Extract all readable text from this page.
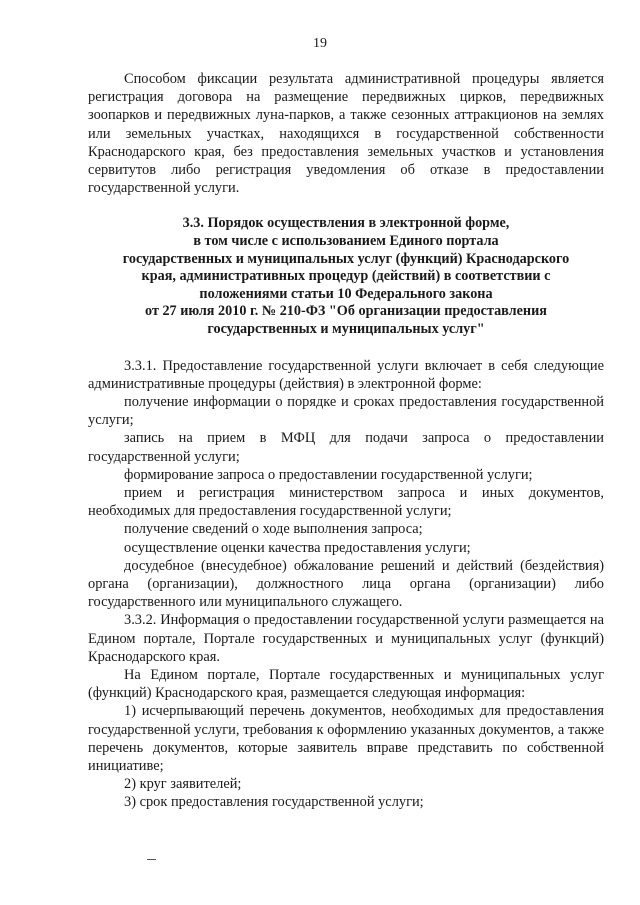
19

Способом фиксации результата административной процедуры является регистрация договора на размещение передвижных цирков, передвижных зоопарков и передвижных луна-парков, а также сезонных аттракционов на землях или земельных участках, находящихся в государственной собственности Краснодарского края, без предоставления земельных участков и установления сервитутов либо регистрация уведомления об отказе в предоставлении государственной услуги.

3.3. Порядок осуществления в электронной форме,
в том числе с использованием Единого портала
государственных и муниципальных услуг (функций) Краснодарского
края, административных процедур (действий) в соответствии с
положениями статьи 10 Федерального закона
от 27 июля 2010 г. № 210-ФЗ "Об организации предоставления
государственных и муниципальных услуг"

3.3.1. Предоставление государственной услуги включает в себя следующие административные процедуры (действия) в электронной форме:

получение информации о порядке и сроках предоставления государственной услуги;

запись на прием в МФЦ для подачи запроса о предоставлении государственной услуги;

формирование запроса о предоставлении государственной услуги;

прием и регистрация министерством запроса и иных документов, необходимых для предоставления государственной услуги;

получение сведений о ходе выполнения запроса;

осуществление оценки качества предоставления услуги;

досудебное (внесудебное) обжалование решений и действий (бездействия) органа (организации), должностного лица органа (организации) либо государственного или муниципального служащего.

3.3.2. Информация о предоставлении государственной услуги размещается на Едином портале, Портале государственных и муниципальных услуг (функций) Краснодарского края.

На Едином портале, Портале государственных и муниципальных услуг (функций) Краснодарского края, размещается следующая информация:

1) исчерпывающий перечень документов, необходимых для предоставления государственной услуги, требования к оформлению указанных документов, а также перечень документов, которые заявитель вправе представить по собственной инициативе;

2) круг заявителей;

3) срок предоставления государственной услуги;
